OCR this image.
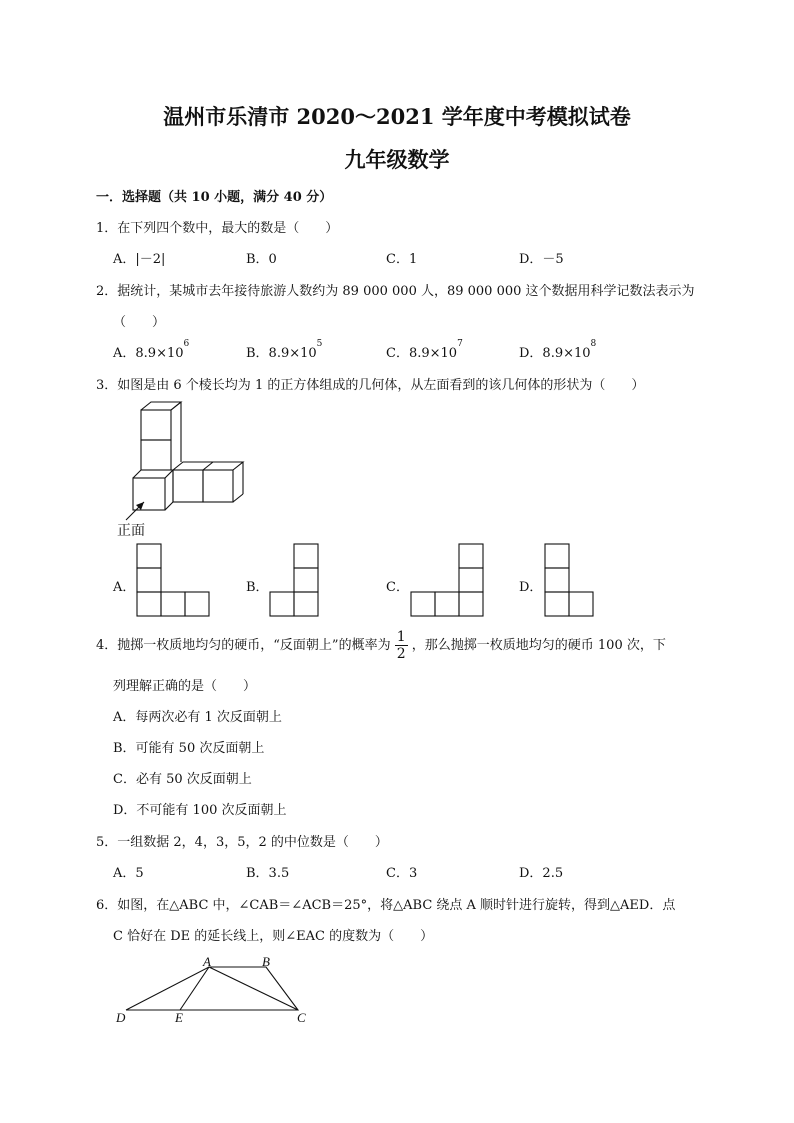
温州市乐清市 2020～2021 学年度中考模拟试卷
九年级数学
一．选择题（共 10 小题，满分 40 分）
1．在下列四个数中，最大的数是（　　）
A．|－2|	B．0	C．1	D．－5
2．据统计，某城市去年接待旅游人数约为 89 000 000 人，89 000 000 这个数据用科学记数法表示为
（　　）
A．$8.9\times 10^6$
B．$8.9\times 10^5$
C．$8.9\times 10^7$
D．$8.9\times 10^8$
3．如图是由 6 个棱长均为 1 的正方体组成的几何体，从左面看到的该几何体的形状为（　　）
正面
A．	B．	C．	D．
4．抛掷一枚质地均匀的硬币，“反面朝上”的概率为 $\frac{1}{2}$ ，那么抛掷一枚质地均匀的硬币 100 次，下
列理解正确的是（　　）
A．每两次必有 1 次反面朝上
B．可能有 50 次反面朝上
C．必有 50 次反面朝上
D．不可能有 100 次反面朝上
5．一组数据 2，4，3，5，2 的中位数是（　　）
A．5	B．3.5	C．3	D．2.5
6．如图，在△ABC 中，∠CAB＝∠ACB＝25°，将△ABC 绕点 A 顺时针进行旋转，得到△AED．点
C 恰好在 DE 的延长线上，则∠EAC 的度数为（　　）
A	B
D	E	C
